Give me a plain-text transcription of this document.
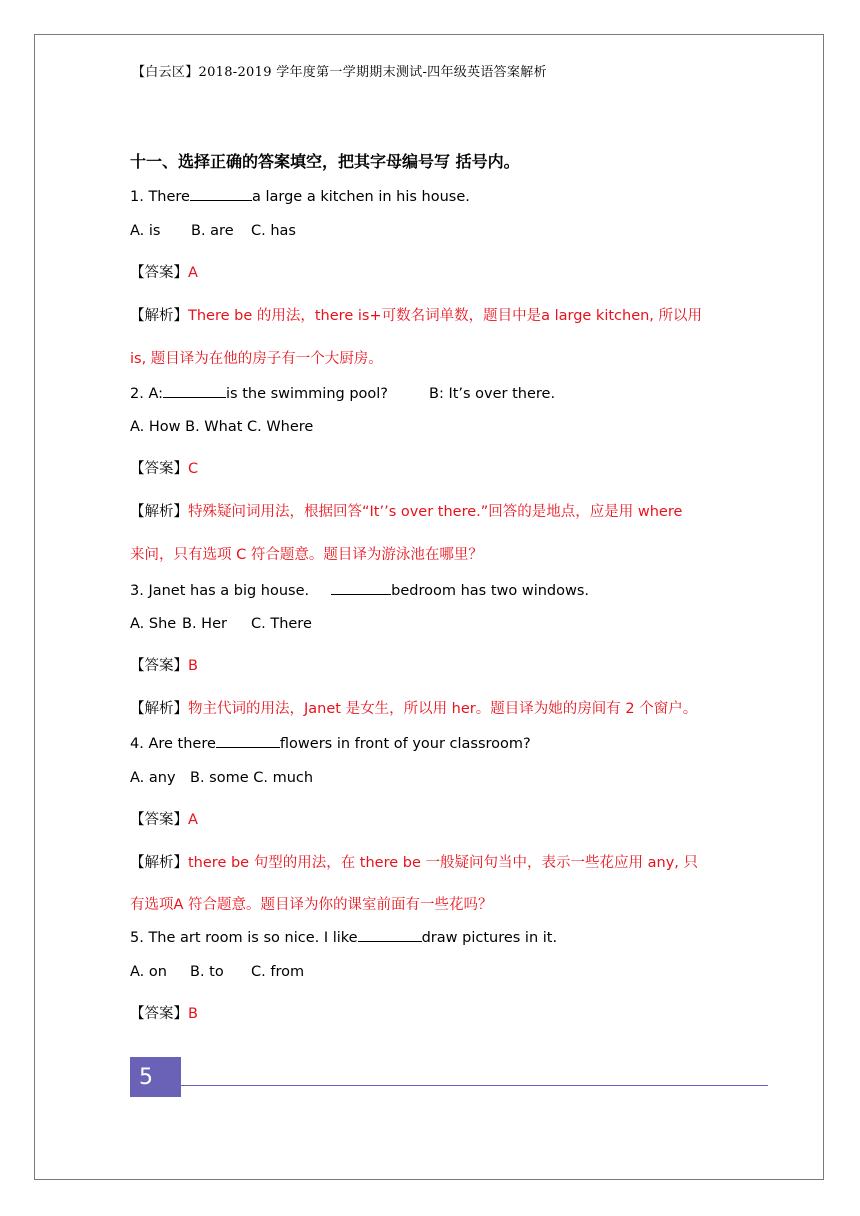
【白云区】2018-2019 学年度第一学期期末测试-四年级英语答案解析
十一、选择正确的答案填空，把其字母编号写 括号内。
1. There	a large a kitchen in his house.
A. is B. are C. has
【答案】A
【解析】There be 的用法，there is+可数名词单数，题目中是a large kitchen, 所以用
is, 题目译为在他的房子有一个大厨房。
2. A:	is the swimming pool?	B: It’s over there.
A. How B. What C. Where
【答案】C
【解析】特殊疑问词用法，根据回答“It’’s over there.”回答的是地点，应是用 where
来问，只有选项 C 符合题意。题目译为游泳池在哪里？
3. Janet has a big house.	bedroom has two windows.
A. She B. Her C. There
【答案】B
【解析】物主代词的用法，Janet 是女生，所以用 her。题目译为她的房间有 2 个窗户。
4. Are there	flowers in front of your classroom?
A. any B. some C. much
【答案】A
【解析】there be 句型的用法，在 there be 一般疑问句当中，表示一些花应用 any, 只
有选项A 符合题意。题目译为你的课室前面有一些花吗？
5. The art room is so nice. I like	draw pictures in it.
A. on B. to C. from
【答案】B
5
